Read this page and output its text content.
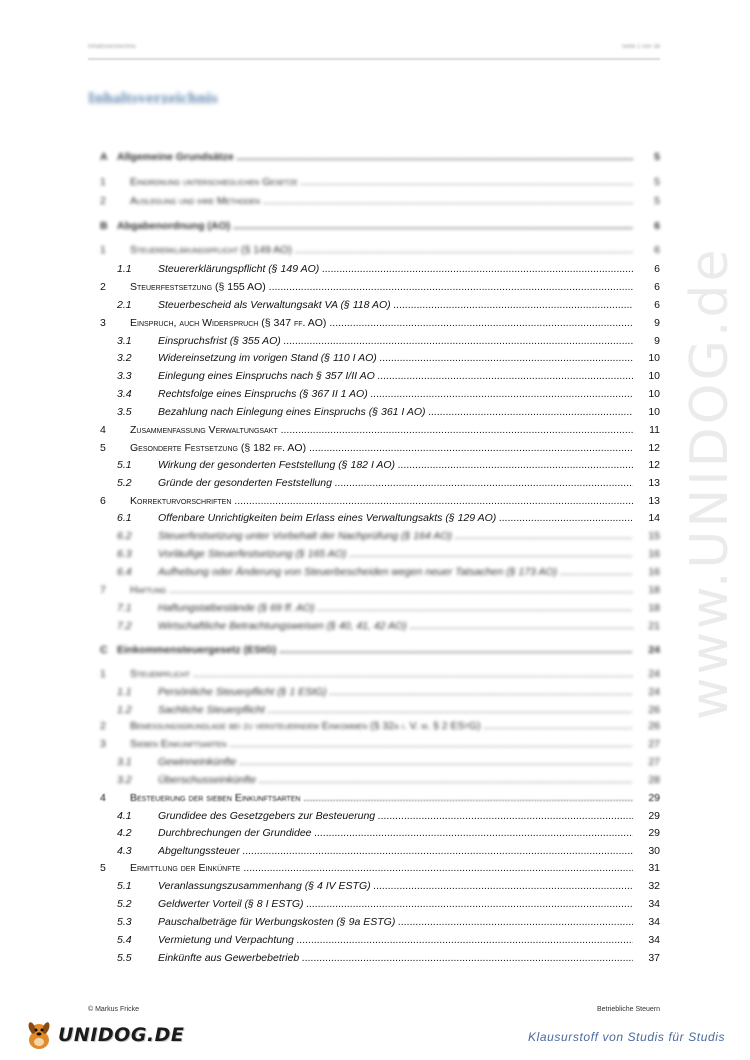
Inhaltsverzeichnis	Seite 2 von 38
Inhaltsverzeichnis
www.UNIDOG.de
A Allgemeine Grundsätze .....	5
1 Einordnung unterschiedlichen Gesetze .....	5
2 Auslegung und ihre Methoden .....	5
B Abgabenordnung (AO) .....	6
1 Steuererklärungspflicht (§ 149 AO) .....	6
1.1	Steuererklärungspflicht (§ 149 AO) .....	6
2 Steuerfestsetzung (§ 155 AO) .....	6
2.1	Steuerbescheid als Verwaltungsakt VA (§ 118 AO) .....	6
3 Einspruch, auch Widerspruch (§ 347 ff. AO) .....	9
3.1	Einspruchsfrist (§ 355 AO) .....	9
3.2	Widereinsetzung im vorigen Stand (§ 110 I AO) .....	10
3.3	Einlegung eines Einspruchs nach § 357 I/II AO .....	10
3.4	Rechtsfolge eines Einspruchs (§ 367 II 1 AO) .....	10
3.5	Bezahlung nach Einlegung eines Einspruchs (§ 361 I AO) .....	10
4 Zusammenfassung Verwaltungsakt .....	11
5 Gesonderte Festsetzung (§ 182 ff. AO) .....	12
5.1	Wirkung der gesonderten Feststellung (§ 182 I AO) .....	12
5.2	Gründe der gesonderten Feststellung .....	13
6 Korrekturvorschriften .....	13
6.1	Offenbare Unrichtigkeiten beim Erlass eines Verwaltungsakts (§ 129 AO) .....	14
6.2	Steuerfestsetzung unter Vorbehalt der Nachprüfung (§ 164 AO) .....	15
6.3	Vorläufige Steuerfestsetzung (§ 165 AO) .....	16
6.4	Aufhebung oder Änderung von Steuerbescheiden wegen neuer Tatsachen (§ 173 AO) .....	16
7 Haftung .....	18
7.1	Haftungstatbestände (§ 69 ff. AO) .....	18
7.2	Wirtschaftliche Betrachtungsweisen (§ 40, 41, 42 AO) .....	21
C Einkommensteuergesetz (EStG) .....	24
1 Steuerpflicht .....	24
1.1	Persönliche Steuerpflicht (§ 1 EStG) .....	24
1.2	Sachliche Steuerpflicht .....	26
2 Bemessungsgrundlage bei zu versteuerndem Einkommen (§ 32a i. V. m. § 2 EStG) .....	26
3 Sieben Einkunftsarten .....	27
3.1	Gewinneinkünfte .....	27
3.2	Überschusseinkünfte .....	28
4 Besteuerung der sieben Einkunftsarten .....	29
4.1	Grundidee des Gesetzgebers zur Besteuerung .....	29
4.2	Durchbrechungen der Grundidee .....	29
4.3	Abgeltungssteuer .....	30
5 Ermittlung der Einkünfte .....	31
5.1	Veranlassungszusammenhang (§ 4 IV ESTG) .....	32
5.2	Geldwerter Vorteil (§ 8 I ESTG) .....	34
5.3	Pauschalbeträge für Werbungskosten (§ 9a ESTG) .....	34
5.4	Vermietung und Verpachtung .....	34
5.5	Einkünfte aus Gewerbebetrieb .....	37
© Markus Fricke	Betriebliche Steuern
UNIDOG.DE	Klausurstoff von Studis für Studis
